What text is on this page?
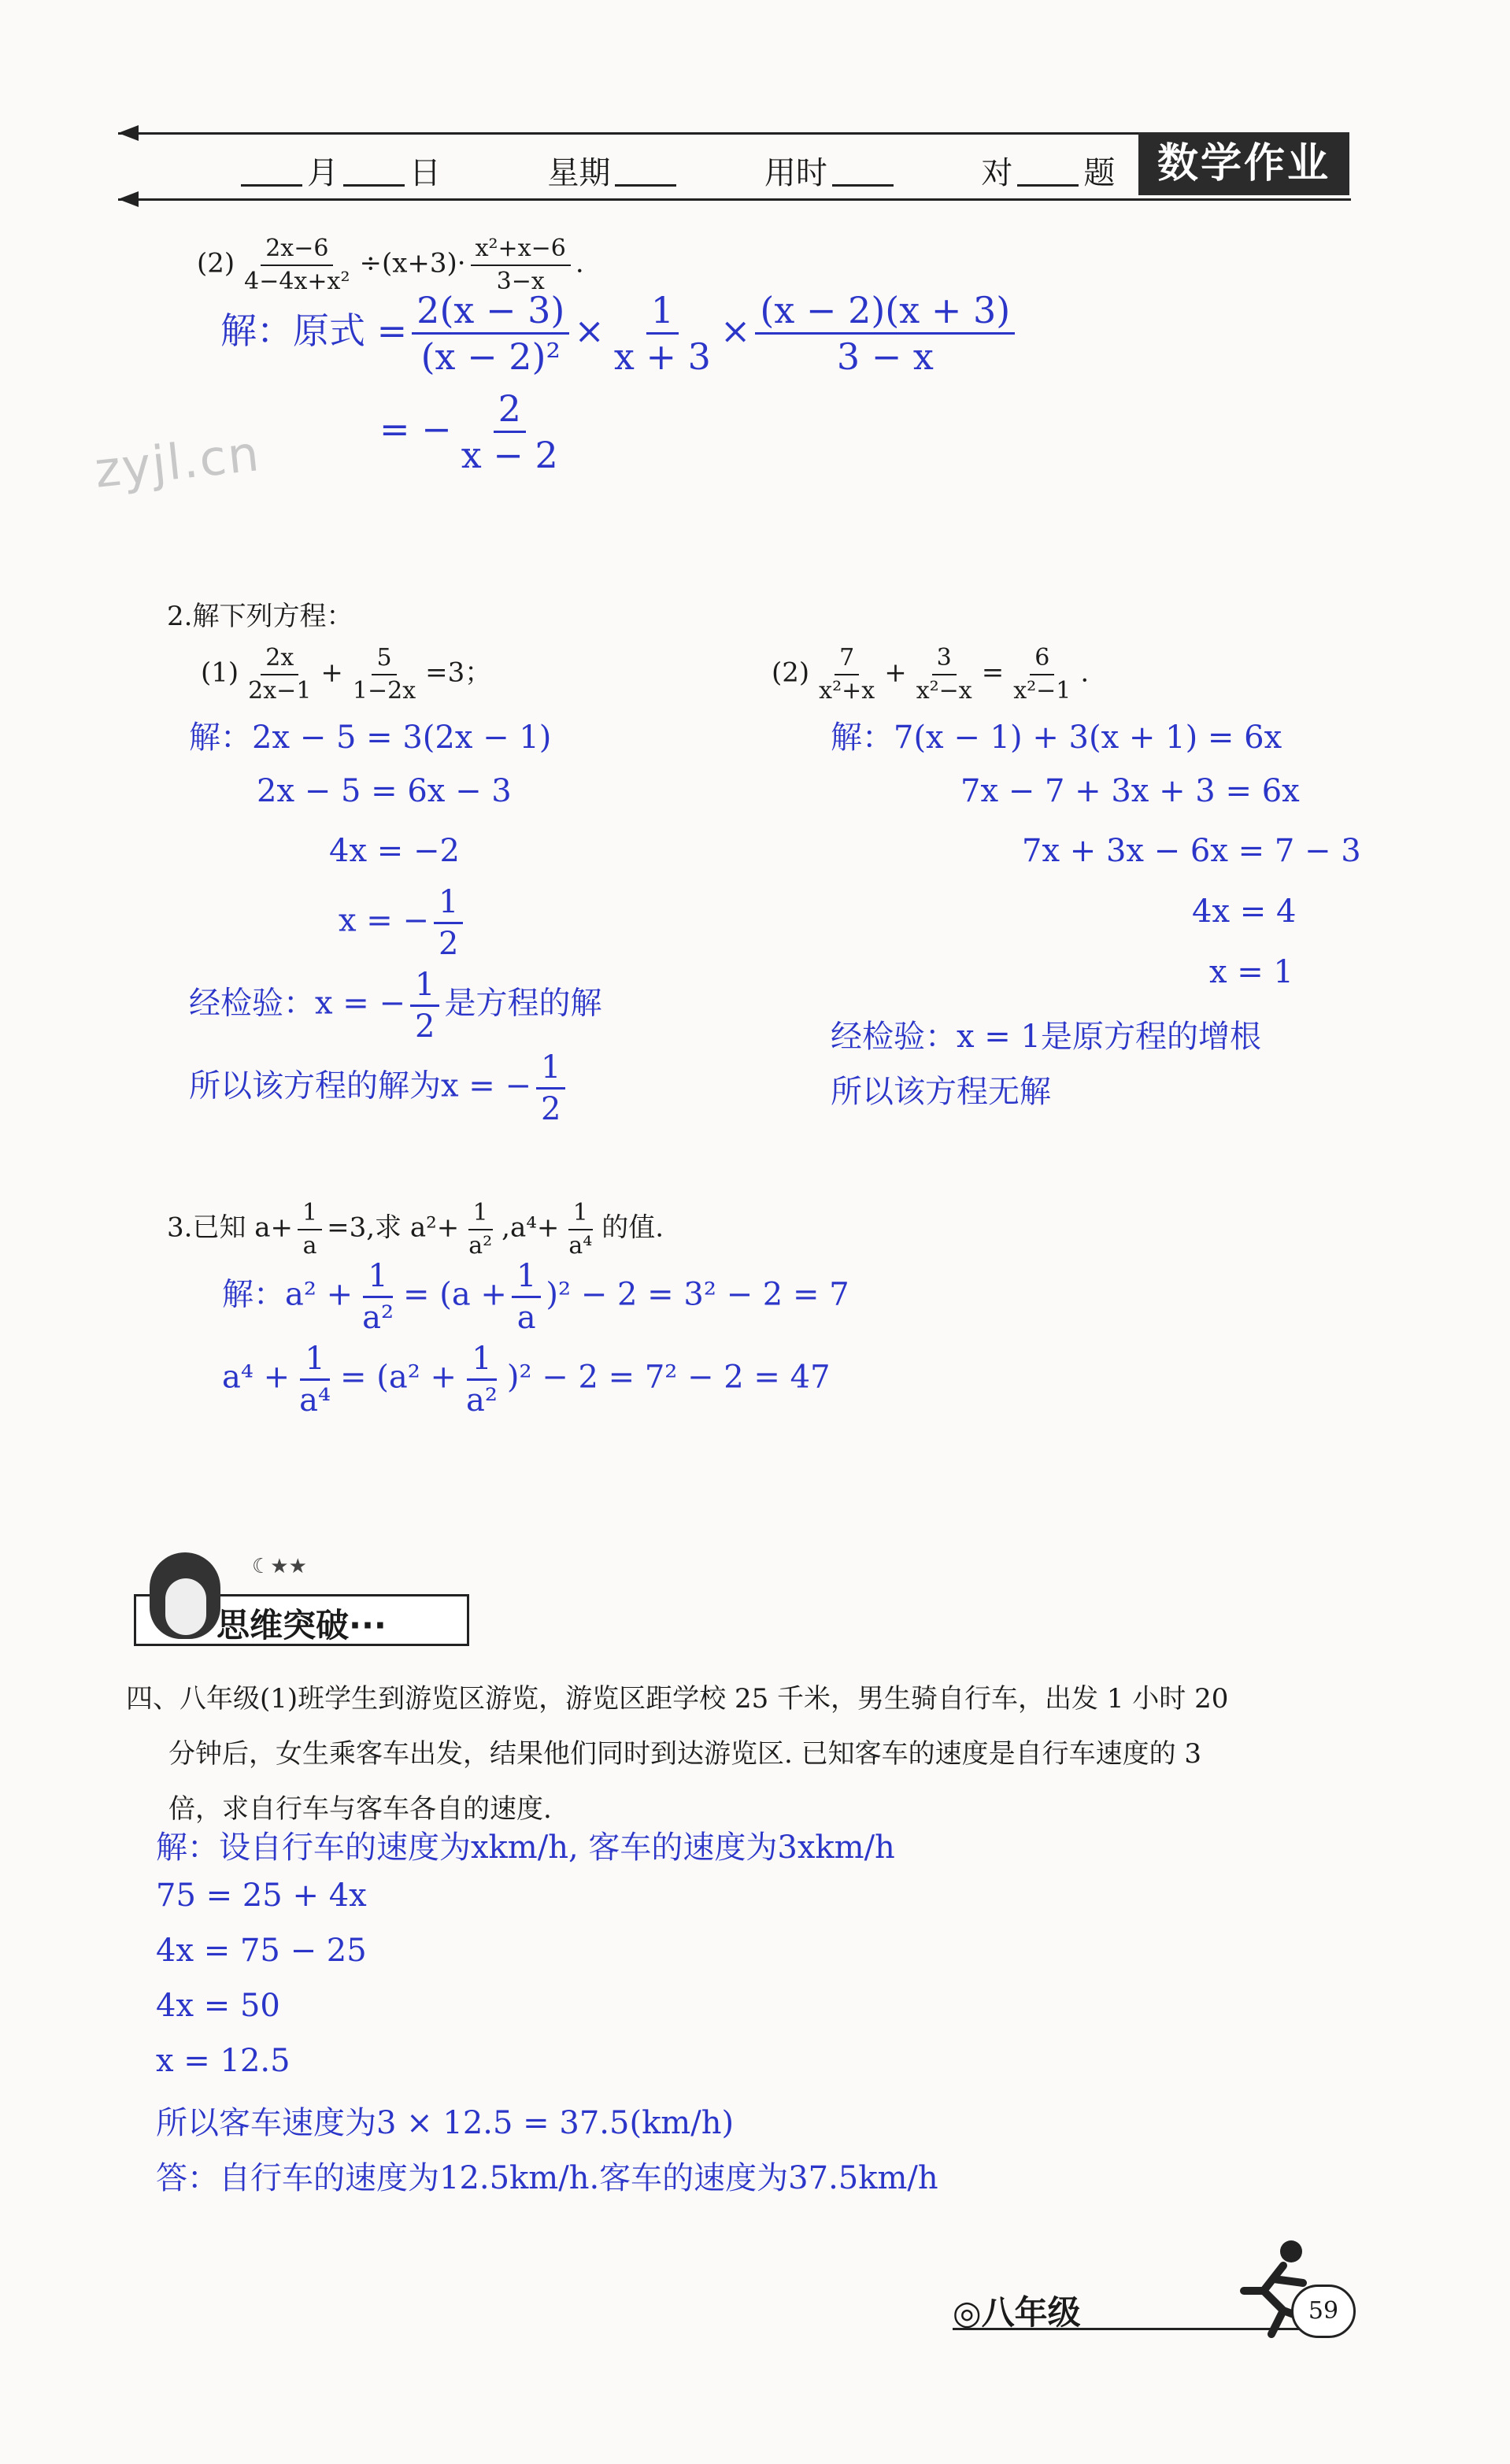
月 日	星期	用时	对 题	数学作业
zyjl.cn
$(2) \frac{2x-6}{\text{4−4x+x²}} \div(x+3)\cdot \frac{\text{x²+x−6}}{3-x}$ .
解：原式 = $\frac{2(x - 3)}{\text{(x − 2)²}} \times \frac{1}{x + 3} \times \frac{(x - 2)(x + 3)}{3 - x}$
= − $\frac{2}{x - 2}$
2.解下列方程：
$(1) \frac{2x}{2x-1} + \frac{5}{1-2x} =3$；
解：2x − 5 = 3(2x − 1)
2x − 5 = 6x − 3
4x = −2
x = − $\frac{1}{2}$
经检验：x = − $\frac{1}{2}$ 是方程的解
所以该方程的解为x = − $\frac{1}{2}$
$(2) \frac{7}{\text{x²+x}} + \frac{3}{\text{x²−x}} = \frac{6}{\text{x²−1}}$ .
解：7(x − 1) + 3(x + 1) = 6x
7x − 7 + 3x + 3 = 6x
7x + 3x − 6x = 7 − 3
4x = 4
x = 1
经检验：x = 1是原方程的增根
所以该方程无解
3.已知 $a+ \frac{1}{a} =3$,求 $a^2+ \frac{1}{\text{a²}} ,a^4+ \frac{1}{\text{a⁴}}$ 的值.
解：$a^2 + \frac{1}{\text{a²}} = (a + \frac{1}{a} )^2 - 2 = 3^2 - 2 = 7$
$a^4 + \frac{1}{\text{a⁴}} = (a^2 + \frac{1}{\text{a²}} )^2 - 2 = 7^2 - 2 = 47$
☾★★
思维突破···
四、八年级(1)班学生到游览区游览，游览区距学校 25 千米，男生骑自行车，出发 1 小时 20
分钟后，女生乘客车出发，结果他们同时到达游览区. 已知客车的速度是自行车速度的 3
倍，求自行车与客车各自的速度.
解：设自行车的速度为xkm/h, 客车的速度为3xkm/h
75 = 25 + 4x
4x = 75 − 25
4x = 50
x = 12.5
所以客车速度为3 × 12.5 = 37.5(km/h)
答：自行车的速度为12.5km/h.客车的速度为37.5km/h
◎八年级	59
